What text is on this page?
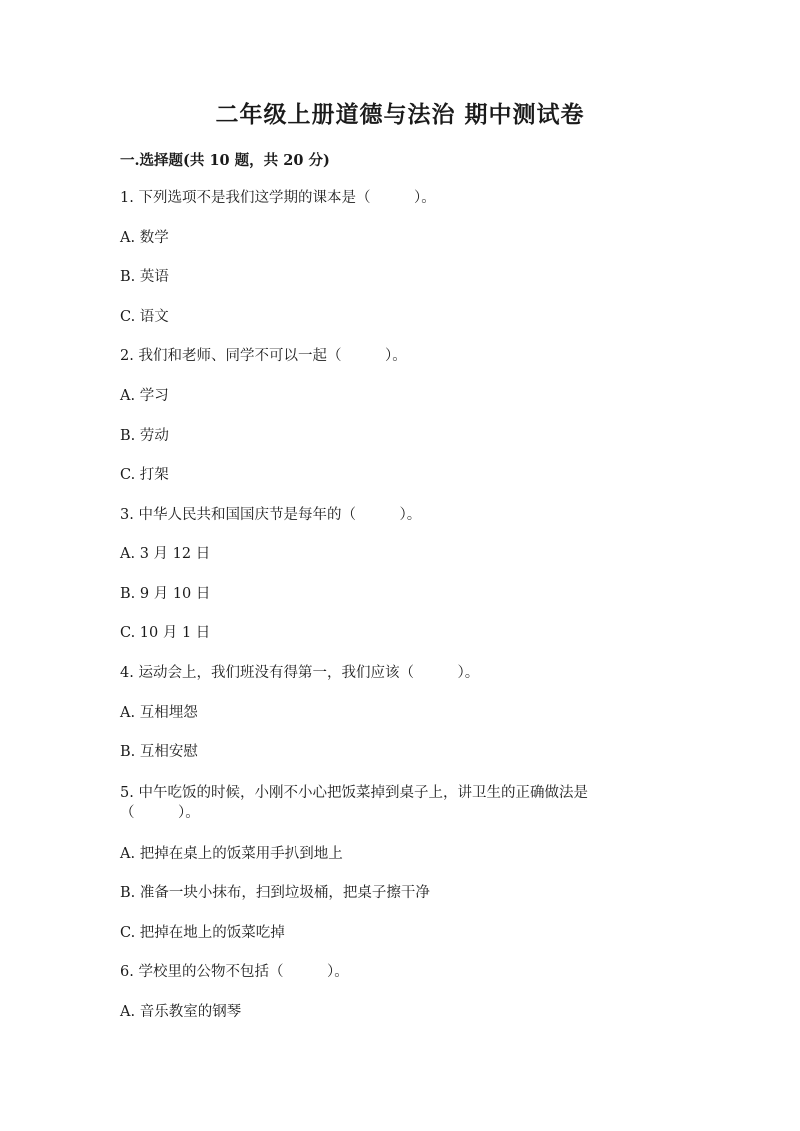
二年级上册道德与法治 期中测试卷

一.选择题(共 10 题，共 20 分)

1. 下列选项不是我们这学期的课本是（　　　）。

A. 数学

B. 英语

C. 语文

2. 我们和老师、同学不可以一起（　　　）。

A. 学习

B. 劳动

C. 打架

3. 中华人民共和国国庆节是每年的（　　　）。

A. 3 月 12 日

B. 9 月 10 日

C. 10 月 1 日

4. 运动会上，我们班没有得第一，我们应该（　　　）。

A. 互相埋怨

B. 互相安慰

5. 中午吃饭的时候，小刚不小心把饭菜掉到桌子上，讲卫生的正确做法是

（　　　）。

A. 把掉在桌上的饭菜用手扒到地上

B. 准备一块小抹布，扫到垃圾桶，把桌子擦干净

C. 把掉在地上的饭菜吃掉

6. 学校里的公物不包括（　　　）。

A. 音乐教室的钢琴
